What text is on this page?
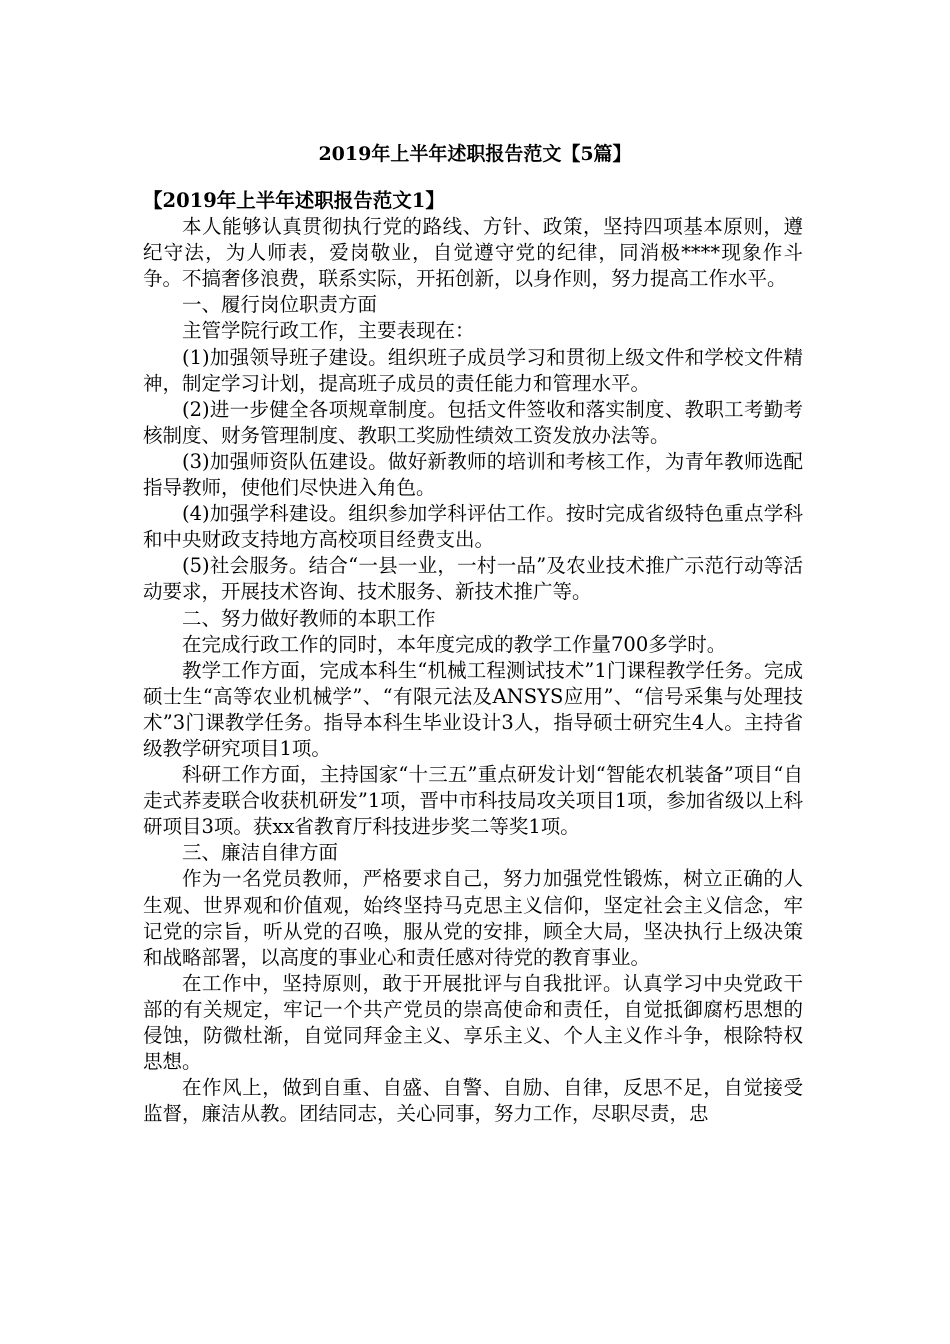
2019年上半年述职报告范文【5篇】

【2019年上半年述职报告范文1】

本人能够认真贯彻执行党的路线、方针、政策，坚持四项基本原则，遵纪守法，为人师表，爱岗敬业，自觉遵守党的纪律，同消极****现象作斗争。不搞奢侈浪费，联系实际，开拓创新，以身作则，努力提高工作水平。

一、履行岗位职责方面

主管学院行政工作，主要表现在：

(1)加强领导班子建设。组织班子成员学习和贯彻上级文件和学校文件精神，制定学习计划，提高班子成员的责任能力和管理水平。

(2)进一步健全各项规章制度。包括文件签收和落实制度、教职工考勤考核制度、财务管理制度、教职工奖励性绩效工资发放办法等。

(3)加强师资队伍建设。做好新教师的培训和考核工作，为青年教师选配指导教师，使他们尽快进入角色。

(4)加强学科建设。组织参加学科评估工作。按时完成省级特色重点学科和中央财政支持地方高校项目经费支出。

(5)社会服务。结合“一县一业，一村一品”及农业技术推广示范行动等活动要求，开展技术咨询、技术服务、新技术推广等。

二、努力做好教师的本职工作

在完成行政工作的同时，本年度完成的教学工作量700多学时。

教学工作方面，完成本科生“机械工程测试技术”1门课程教学任务。完成硕士生“高等农业机械学”、“有限元法及ANSYS应用”、“信号采集与处理技术”3门课教学任务。指导本科生毕业设计3人，指导硕士研究生4人。主持省级教学研究项目1项。

科研工作方面，主持国家“十三五”重点研发计划“智能农机装备”项目“自走式荞麦联合收获机研发”1项，晋中市科技局攻关项目1项，参加省级以上科研项目3项。获xx省教育厅科技进步奖二等奖1项。

三、廉洁自律方面

作为一名党员教师，严格要求自己，努力加强党性锻炼，树立正确的人生观、世界观和价值观，始终坚持马克思主义信仰，坚定社会主义信念，牢记党的宗旨，听从党的召唤，服从党的安排，顾全大局，坚决执行上级决策和战略部署，以高度的事业心和责任感对待党的教育事业。

在工作中，坚持原则，敢于开展批评与自我批评。认真学习中央党政干部的有关规定，牢记一个共产党员的崇高使命和责任，自觉抵御腐朽思想的侵蚀，防微杜渐，自觉同拜金主义、享乐主义、个人主义作斗争，根除特权思想。

在作风上，做到自重、自盛、自警、自励、自律，反思不足，自觉接受监督，廉洁从教。团结同志，关心同事，努力工作，尽职尽责，忠
